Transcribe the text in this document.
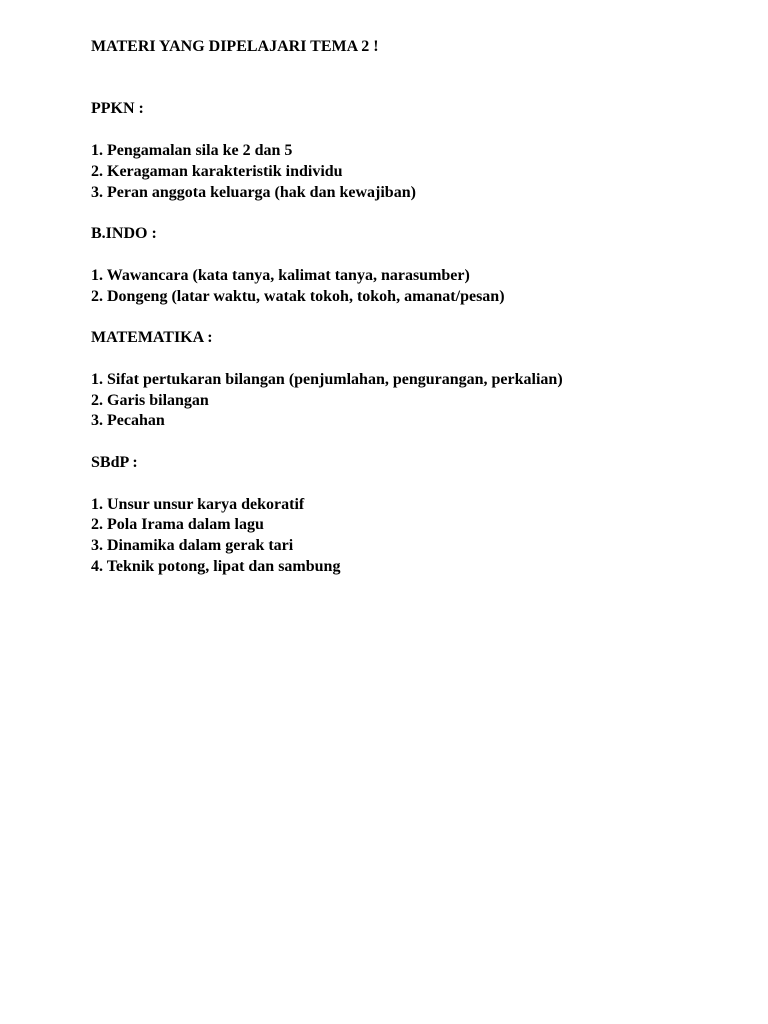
MATERI YANG DIPELAJARI TEMA 2 !

PPKN :

1. Pengamalan sila ke 2 dan 5
2. Keragaman karakteristik individu
3. Peran anggota keluarga (hak dan kewajiban)

B.INDO :

1. Wawancara (kata tanya, kalimat tanya, narasumber)
2. Dongeng (latar waktu, watak tokoh, tokoh, amanat/pesan)

MATEMATIKA :

1. Sifat pertukaran bilangan (penjumlahan, pengurangan, perkalian)
2. Garis bilangan
3. Pecahan

SBdP :

1. Unsur unsur karya dekoratif
2. Pola Irama dalam lagu
3. Dinamika dalam gerak tari
4. Teknik potong, lipat dan sambung
